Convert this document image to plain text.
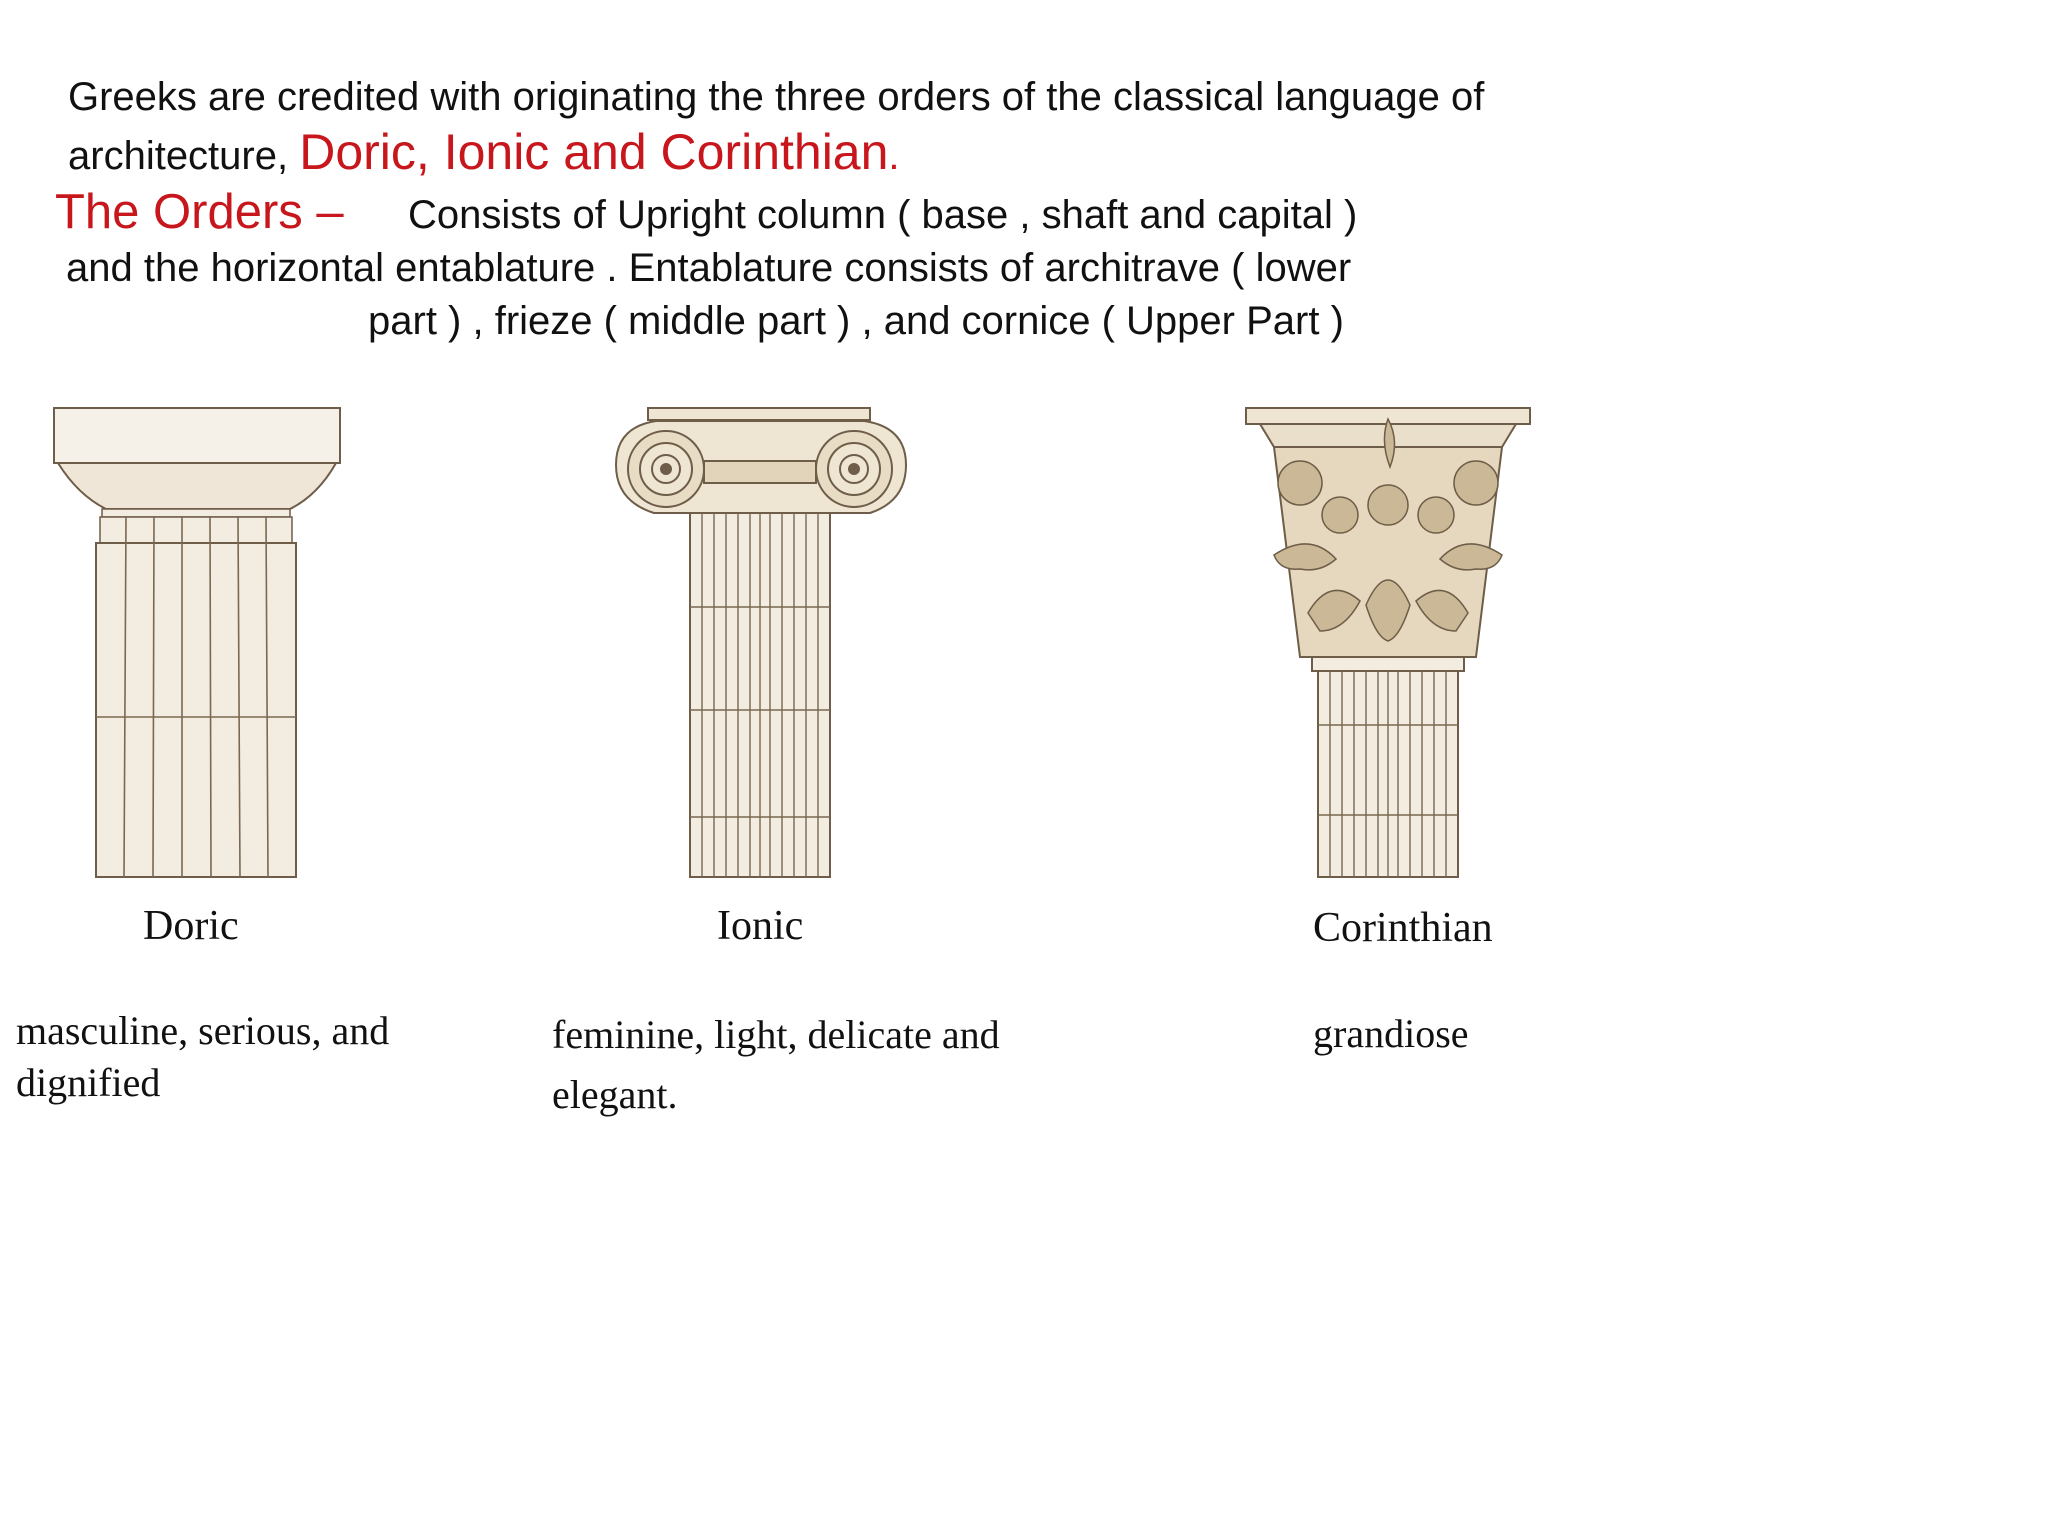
Greeks are credited with originating the three orders of the classical language of architecture, Doric, Ionic and Corinthian.
The Orders – Consists of Upright column ( base , shaft and capital )
and the horizontal entablature . Entablature consists of architrave ( lower
part ) , frieze ( middle part ) , and cornice ( Upper Part )
Doric	Ionic	Corinthian
masculine, serious, and dignified
feminine, light, delicate and elegant.
grandiose
